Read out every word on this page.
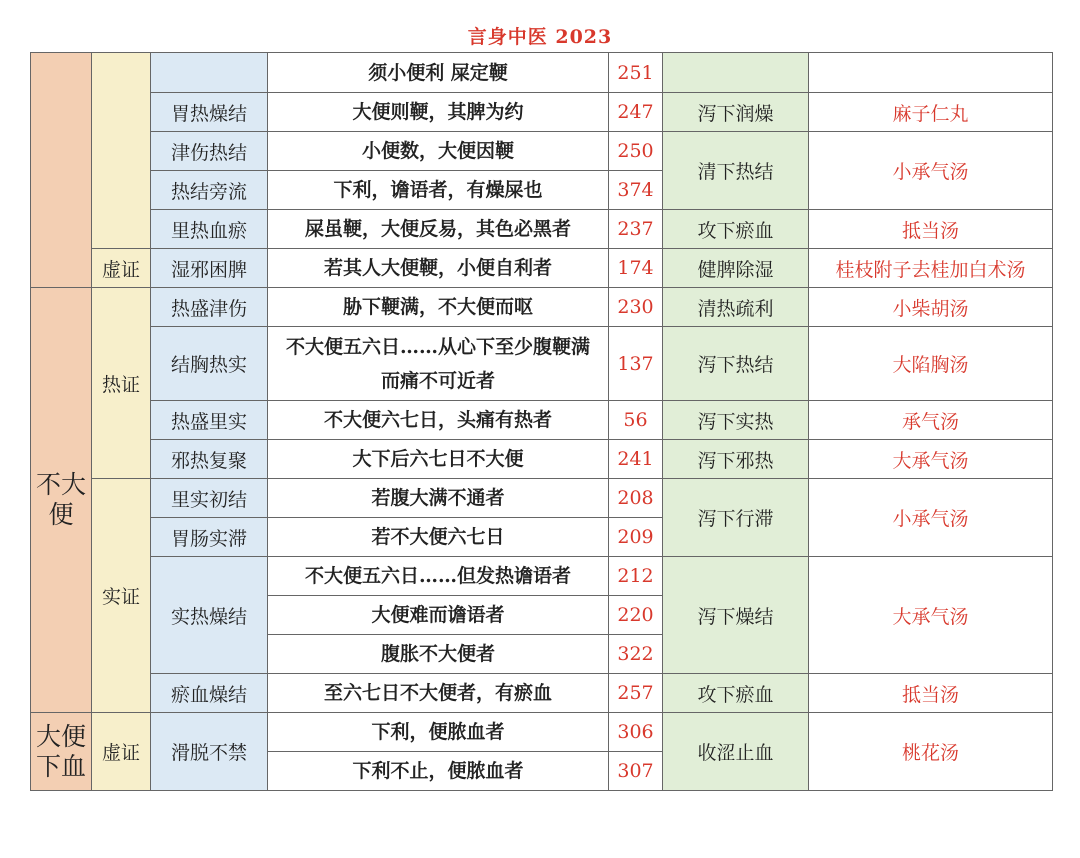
言身中医 2023
			须小便利 屎定鞕	251		
		胃热燥结	大便则鞕，其脾为约	247	泻下润燥	麻子仁丸
		津伤热结	小便数，大便因鞕	250	清下热结	小承气汤
		热结旁流	下利，谵语者，有燥屎也	374		
		里热血瘀	屎虽鞕，大便反易，其色必黑者	237	攻下瘀血	抵当汤
	虚证	湿邪困脾	若其人大便鞕，小便自利者	174	健脾除湿	桂枝附子去桂加白术汤
不大便	热证	热盛津伤	胁下鞕满，不大便而呕	230	清热疏利	小柴胡汤
		结胸热实	不大便五六日……从心下至少腹鞕满而痛不可近者	137	泻下热结	大陷胸汤
		热盛里实	不大便六七日，头痛有热者	56	泻下实热	承气汤
		邪热复聚	大下后六七日不大便	241	泻下邪热	大承气汤
	实证	里实初结	若腹大满不通者	208	泻下行滞	小承气汤
		胃肠实滞	若不大便六七日	209		
		实热燥结	不大便五六日……但发热谵语者	212	泻下燥结	大承气汤
			大便难而谵语者	220		
			腹胀不大便者	322		
		瘀血燥结	至六七日不大便者，有瘀血	257	攻下瘀血	抵当汤
大便下血	虚证	滑脱不禁	下利，便脓血者	306	收涩止血	桃花汤
			下利不止，便脓血者	307		
